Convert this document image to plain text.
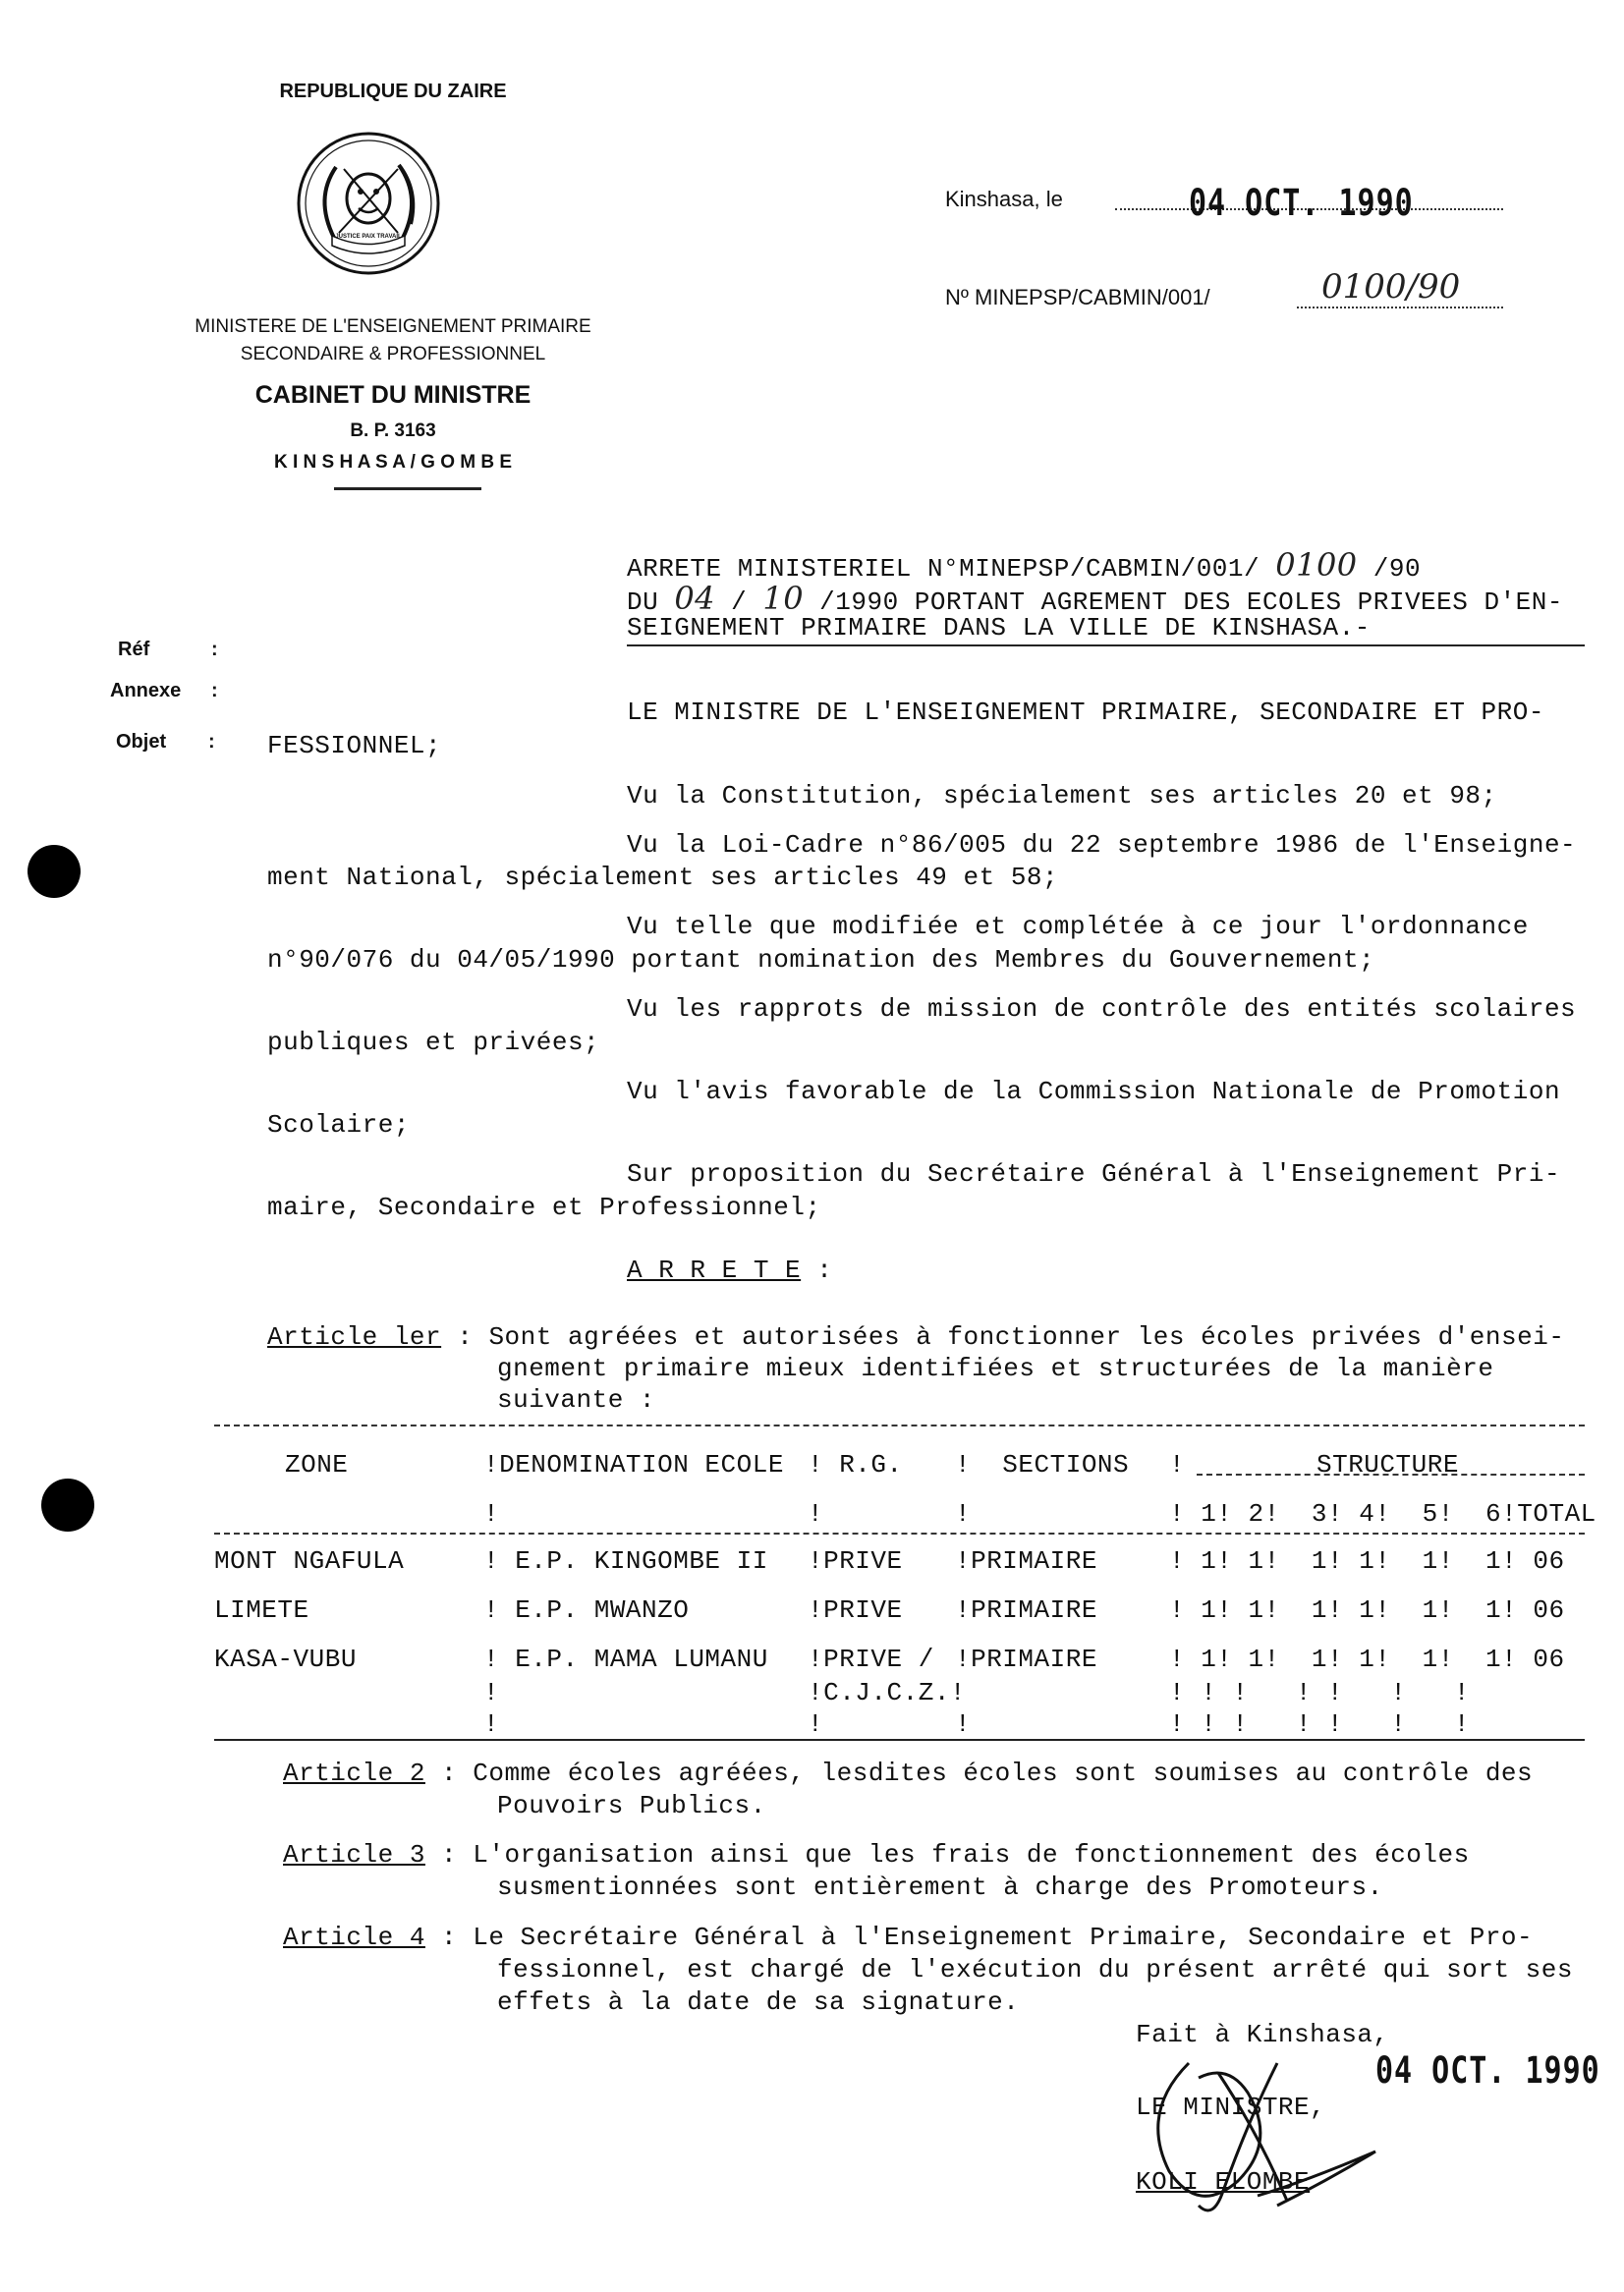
REPUBLIQUE DU ZAIRE
JUSTICE PAIX TRAVAIL
MINISTERE DE L'ENSEIGNEMENT PRIMAIRE
SECONDAIRE & PROFESSIONNEL
CABINET DU MINISTRE
B. P. 3163
K I N S H A S A / G O M B E
Kinshasa, le	04 OCT. 1990
Nº MINEPSP/CABMIN/001/	0100/90
Réf	:
Annexe :
Objet :
ARRETE MINISTERIEL N°MINEPSP/CABMIN/001/ 0100 /90
DU 04 / 10 /1990 PORTANT AGREMENT DES ECOLES PRIVEES D'EN-
SEIGNEMENT PRIMAIRE DANS LA VILLE DE KINSHASA.-
LE MINISTRE DE L'ENSEIGNEMENT PRIMAIRE, SECONDAIRE ET PRO-
FESSIONNEL;
Vu la Constitution, spécialement ses articles 20 et 98;
Vu la Loi-Cadre n°86/005 du 22 septembre 1986 de l'Enseigne-
ment National, spécialement ses articles 49 et 58;
Vu telle que modifiée et complétée à ce jour l'ordonnance
n°90/076 du 04/05/1990 portant nomination des Membres du Gouvernement;
Vu les rapprots de mission de contrôle des entités scolaires
publiques et privées;
Vu l'avis favorable de la Commission Nationale de Promotion
Scolaire;
Sur proposition du Secrétaire Général à l'Enseignement Pri-
maire, Secondaire et Professionnel;
A R R E T E :
Article ler : Sont agréées et autorisées à fonctionner les écoles privées d'ensei-
gnement primaire mieux identifiées et structurées de la manière
suivante :
ZONE	!DENOMINATION ECOLE ! R.G. !  SECTIONS !	STRUCTURE
!	!	!	! 1! 2!  3! 4!  5!  6!TOTAL
MONT NGAFULA	! E.P. KINGOMBE II !PRIVE !PRIMAIRE	! 1! 1!  1! 1!  1!  1! 06
LIMETE	! E.P. MWANZO	!PRIVE !PRIMAIRE	! 1! 1!  1! 1!  1!  1! 06
KASA-VUBU	! E.P. MAMA LUMANU !PRIVE / !PRIMAIRE	! 1! 1!  1! 1!  1!  1! 06
!	!C.J.C.Z.!	! ! !   ! !   !   !
!	!	!	! ! !   ! !   !   !
Article 2 : Comme écoles agréées, lesdites écoles sont soumises au contrôle des
Pouvoirs Publics.
Article 3 : L'organisation ainsi que les frais de fonctionnement des écoles
susmentionnées sont entièrement à charge des Promoteurs.
Article 4 : Le Secrétaire Général à l'Enseignement Primaire, Secondaire et Pro-
fessionnel, est chargé de l'exécution du présent arrêté qui sort ses
effets à la date de sa signature.
Fait à Kinshasa,
04 OCT. 1990
LE MINISTRE,
KOLI ELOMBE
